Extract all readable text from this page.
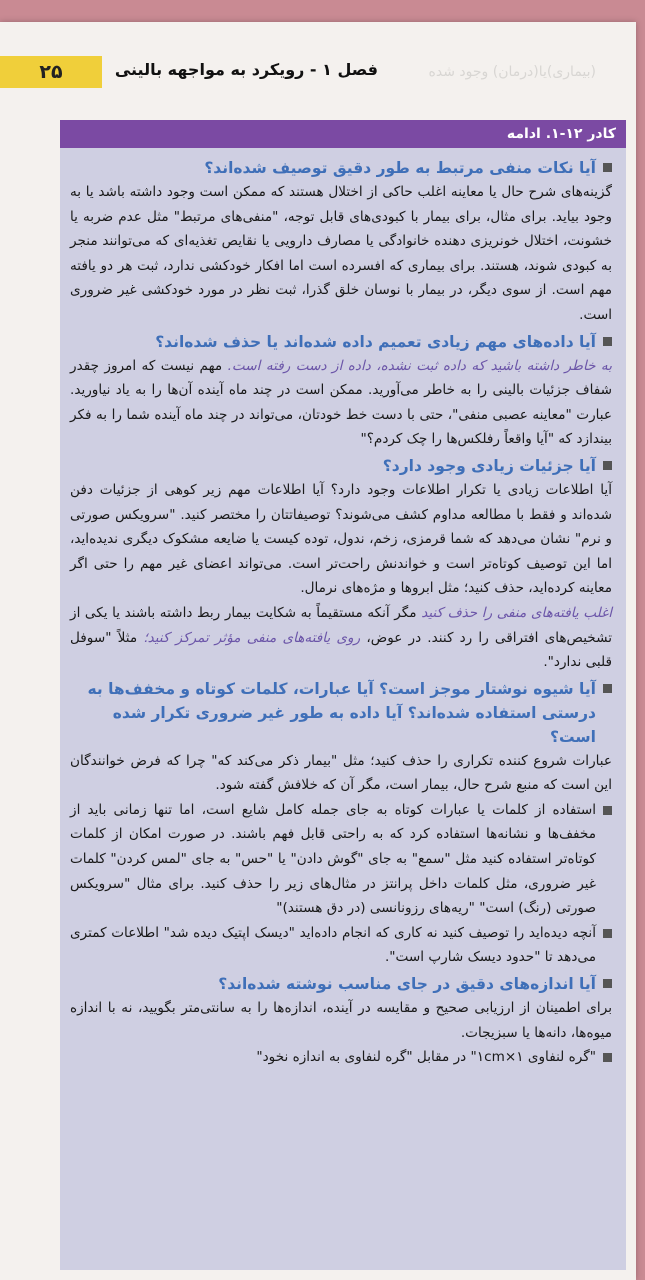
(بیماری)یا(درمان) وجود شده
فصل ۱ - رویکرد به مواجهه بالینی
۲۵
کادر ۱۲-۱. ادامه
آیا نکات منفی مرتبط به طور دقیق توصیف شده‌اند؟
گزینه‌های شرح حال یا معاینه اغلب حاکی از اختلال هستند که ممکن است وجود داشته باشد یا به وجود بیاید. برای مثال، برای بیمار با کبودی‌های قابل توجه، "منفی‌های مرتبط" مثل عدم ضربه یا خشونت، اختلال خونریزی دهنده خانوادگی یا مصارف دارویی یا نقایص تغذیه‌ای که می‌توانند منجر به کبودی شوند، هستند. برای بیماری که افسرده است اما افکار خودکشی ندارد، ثبت هر دو یافته مهم است. از سوی دیگر، در بیمار با نوسان خلق گذرا، ثبت نظر در مورد خودکشی غیر ضروری است.
آیا داده‌های مهم زیادی تعمیم داده شده‌اند یا حذف شده‌اند؟
به خاطر داشته باشید که داده ثبت نشده، داده از دست رفته است. مهم نیست که امروز چقدر شفاف جزئیات بالینی را به خاطر می‌آورید. ممکن است در چند ماه آینده آن‌ها را به یاد نیاورید. عبارت "معاینه عصبی منفی"، حتی با دست خط خودتان، می‌تواند در چند ماه آینده شما را به فکر بیندازد که "آیا واقعاً رفلکس‌ها را چک کردم؟"
آیا جزئیات زیادی وجود دارد؟
آیا اطلاعات زیادی یا تکرار اطلاعات وجود دارد؟ آیا اطلاعات مهم زیر کوهی از جزئیات دفن شده‌اند و فقط با مطالعه مداوم کشف می‌شوند؟ توصیفاتتان را مختصر کنید. "سرویکس صورتی و نرم" نشان می‌دهد که شما قرمزی، زخم، ندول، توده کیست یا ضایعه مشکوک دیگری ندیده‌اید، اما این توصیف کوتاه‌تر است و خواندنش راحت‌تر است. می‌تواند اعضای غیر مهم را حتی اگر معاینه کرده‌اید، حذف کنید؛ مثل ابروها و مژه‌های نرمال.
اغلب یافته‌های منفی را حذف کنید مگر آنکه مستقیماً به شکایت بیمار ربط داشته باشند یا یکی از تشخیص‌های افتراقی را رد کنند. در عوض، روی یافته‌های منفی مؤثر تمرکز کنید؛ مثلاً "سوفل قلبی ندارد".
آیا شیوه نوشتار موجز است؟ آیا عبارات، کلمات کوتاه و مخفف‌ها به درستی استفاده شده‌اند؟ آیا داده به طور غیر ضروری تکرار شده است؟
عبارات شروع کننده تکراری را حذف کنید؛ مثل "بیمار ذکر می‌کند که" چرا که فرض خوانندگان این است که منبع شرح حال، بیمار است، مگر آن که خلافش گفته شود.
استفاده از کلمات یا عبارات کوتاه به جای جمله کامل شایع است، اما تنها زمانی باید از مخفف‌ها و نشانه‌ها استفاده کرد که به راحتی قابل فهم باشند. در صورت امکان از کلمات کوتاه‌تر استفاده کنید مثل "سمع" به جای "گوش دادن" یا "حس" به جای "لمس کردن" کلمات غیر ضروری، مثل کلمات داخل پرانتز در مثال‌های زیر را حذف کنید. برای مثال "سرویکس صورتی (رنگ) است" "ریه‌های رزونانسی (در دق هستند)"
آنچه دیده‌اید را توصیف کنید نه کاری که انجام داده‌اید "دیسک اپتیک دیده شد" اطلاعات کمتری می‌دهد تا "حدود دیسک شارپ است".
آیا اندازه‌های دقیق در جای مناسب نوشته شده‌اند؟
برای اطمینان از ارزیابی صحیح و مقایسه در آینده، اندازه‌ها را به سانتی‌متر بگویید، نه با اندازه میوه‌ها، دانه‌ها یا سبزیجات.
"گره لنفاوی ۱×۱cm" در مقابل "گره لنفاوی به اندازه نخود"
